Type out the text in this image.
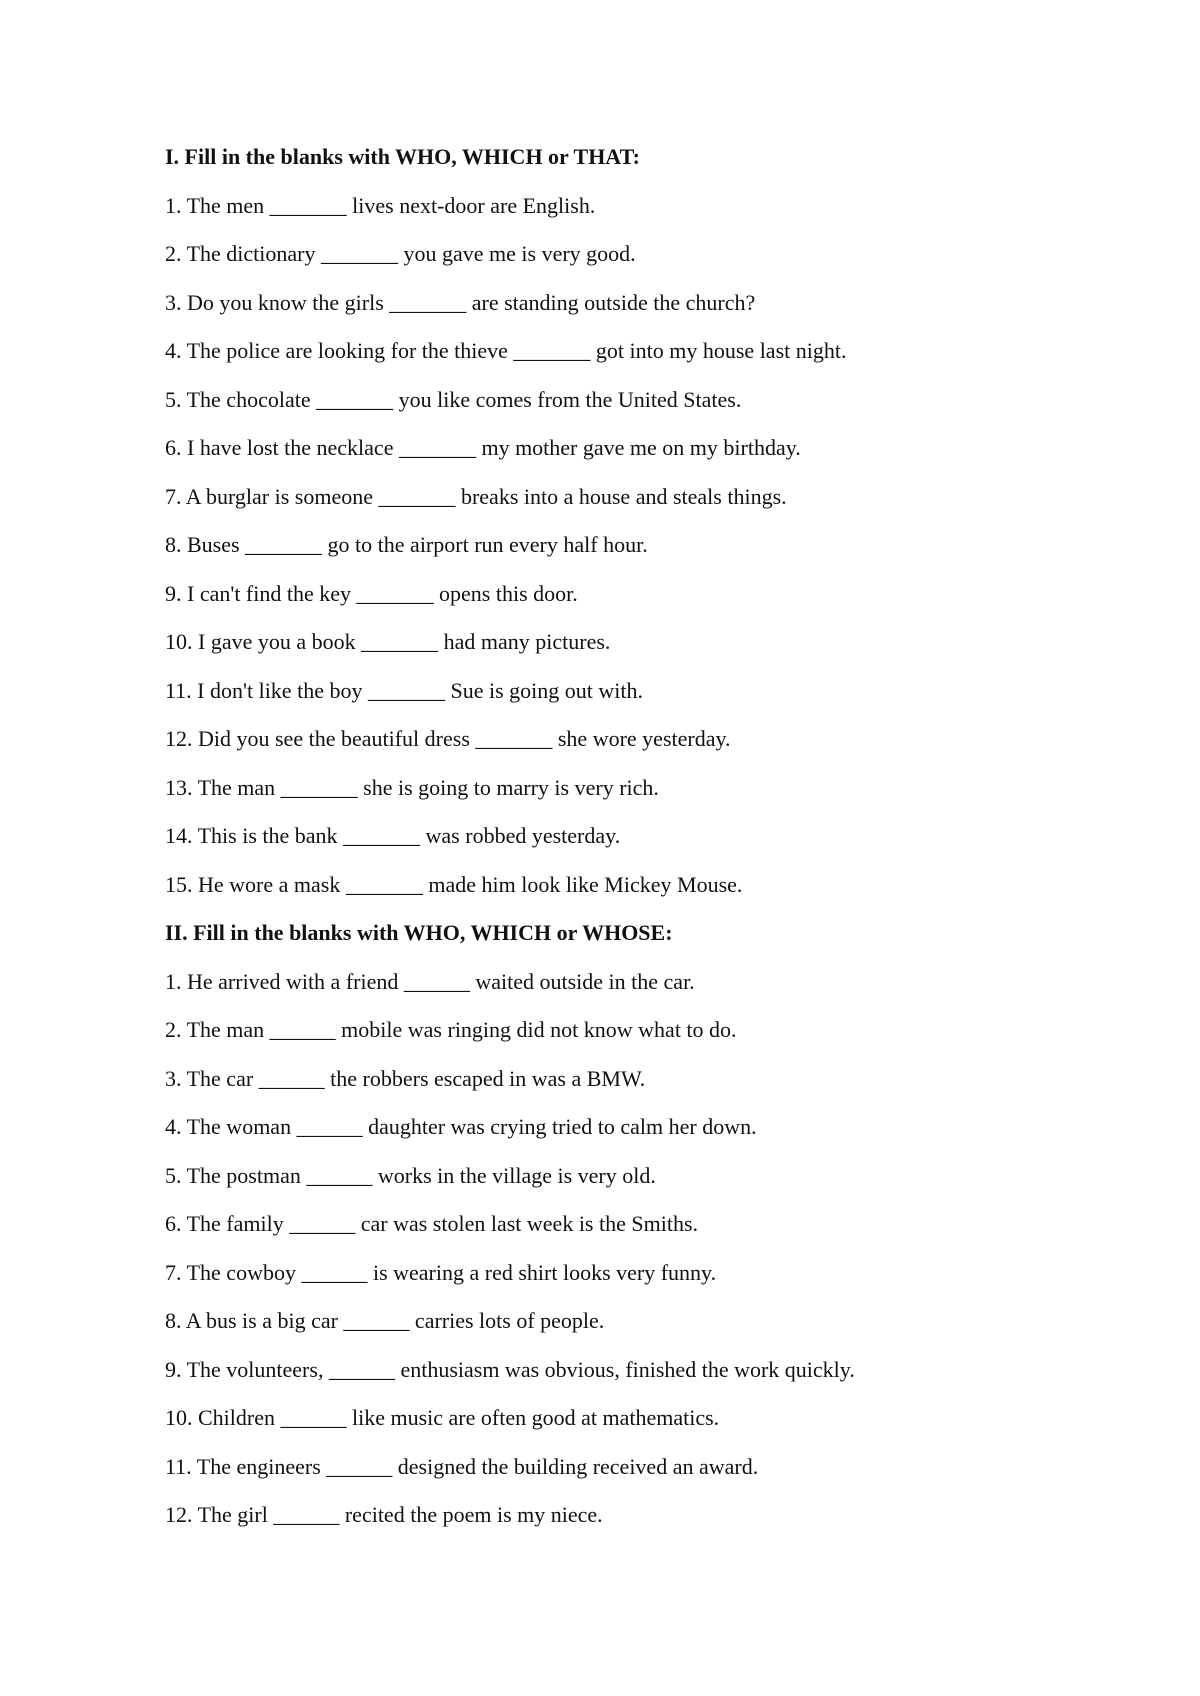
I. Fill in the blanks with WHO, WHICH or THAT:
1. The men _______ lives next-door are English.
2. The dictionary _______ you gave me is very good.
3. Do you know the girls _______ are standing outside the church?
4. The police are looking for the thieve _______ got into my house last night.
5. The chocolate _______ you like comes from the United States.
6. I have lost the necklace _______ my mother gave me on my birthday.
7. A burglar is someone _______ breaks into a house and steals things.
8. Buses _______ go to the airport run every half hour.
9. I can't find the key _______ opens this door.
10. I gave you a book _______ had many pictures.
11. I don't like the boy _______ Sue is going out with.
12. Did you see the beautiful dress _______ she wore yesterday.
13. The man _______ she is going to marry is very rich.
14. This is the bank _______ was robbed yesterday.
15. He wore a mask _______ made him look like Mickey Mouse.
II. Fill in the blanks with WHO, WHICH or WHOSE:
1. He arrived with a friend ______ waited outside in the car.
2. The man ______ mobile was ringing did not know what to do.
3. The car ______ the robbers escaped in was a BMW.
4. The woman ______ daughter was crying tried to calm her down.
5. The postman ______ works in the village is very old.
6. The family ______ car was stolen last week is the Smiths.
7. The cowboy ______ is wearing a red shirt looks very funny.
8. A bus is a big car ______ carries lots of people.
9. The volunteers, ______ enthusiasm was obvious, finished the work quickly.
10. Children ______ like music are often good at mathematics.
11. The engineers ______ designed the building received an award.
12. The girl ______ recited the poem is my niece.
